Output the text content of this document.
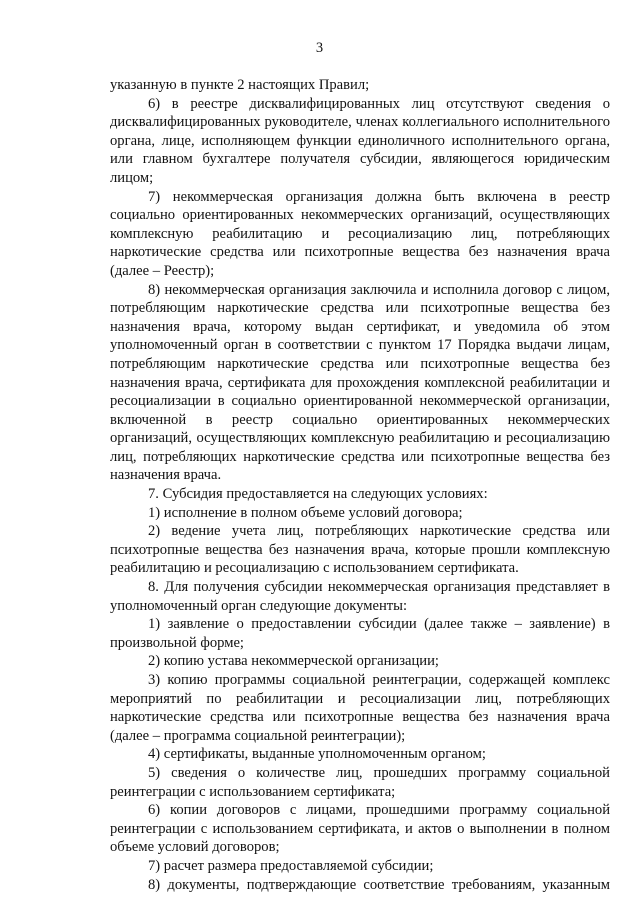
3

указанную в пункте 2 настоящих Правил;

6) в реестре дисквалифицированных лиц отсутствуют сведения о дисквалифицированных руководителе, членах коллегиального исполнительного органа, лице, исполняющем функции единоличного исполнительного органа, или главном бухгалтере получателя субсидии, являющегося юридическим лицом;

7) некоммерческая организация должна быть включена в реестр социально ориентированных некоммерческих организаций, осуществляющих комплексную реабилитацию и ресоциализацию лиц, потребляющих наркотические средства или психотропные вещества без назначения врача (далее – Реестр);

8) некоммерческая организация заключила и исполнила договор с лицом, потребляющим наркотические средства или психотропные вещества без назначения врача, которому выдан сертификат, и уведомила об этом уполномоченный орган в соответствии с пунктом 17 Порядка выдачи лицам, потребляющим наркотические средства или психотропные вещества без назначения врача, сертификата для прохождения комплексной реабилитации и ресоциализации в социально ориентированной некоммерческой организации, включенной в реестр социально ориентированных некоммерческих организаций, осуществляющих комплексную реабилитацию и ресоциализацию лиц, потребляющих наркотические средства или психотропные вещества без назначения врача.

7. Субсидия предоставляется на следующих условиях:

1) исполнение в полном объеме условий договора;

2) ведение учета лиц, потребляющих наркотические средства или психотропные вещества без назначения врача, которые прошли комплексную реабилитацию и ресоциализацию с использованием сертификата.

8. Для получения субсидии некоммерческая организация представляет в уполномоченный орган следующие документы:

1) заявление о предоставлении субсидии (далее также – заявление) в произвольной форме;

2) копию устава некоммерческой организации;

3) копию программы социальной реинтеграции, содержащей комплекс мероприятий по реабилитации и ресоциализации лиц, потребляющих наркотические средства или психотропные вещества без назначения врача (далее – программа социальной реинтеграции);

4) сертификаты, выданные уполномоченным органом;

5) сведения о количестве лиц, прошедших программу социальной реинтеграции с использованием сертификата;

6) копии договоров с лицами, прошедшими программу социальной реинтеграции с использованием сертификата, и актов о выполнении в полном объеме условий договоров;

7) расчет размера предоставляемой субсидии;

8) документы, подтверждающие соответствие требованиям, указанным
